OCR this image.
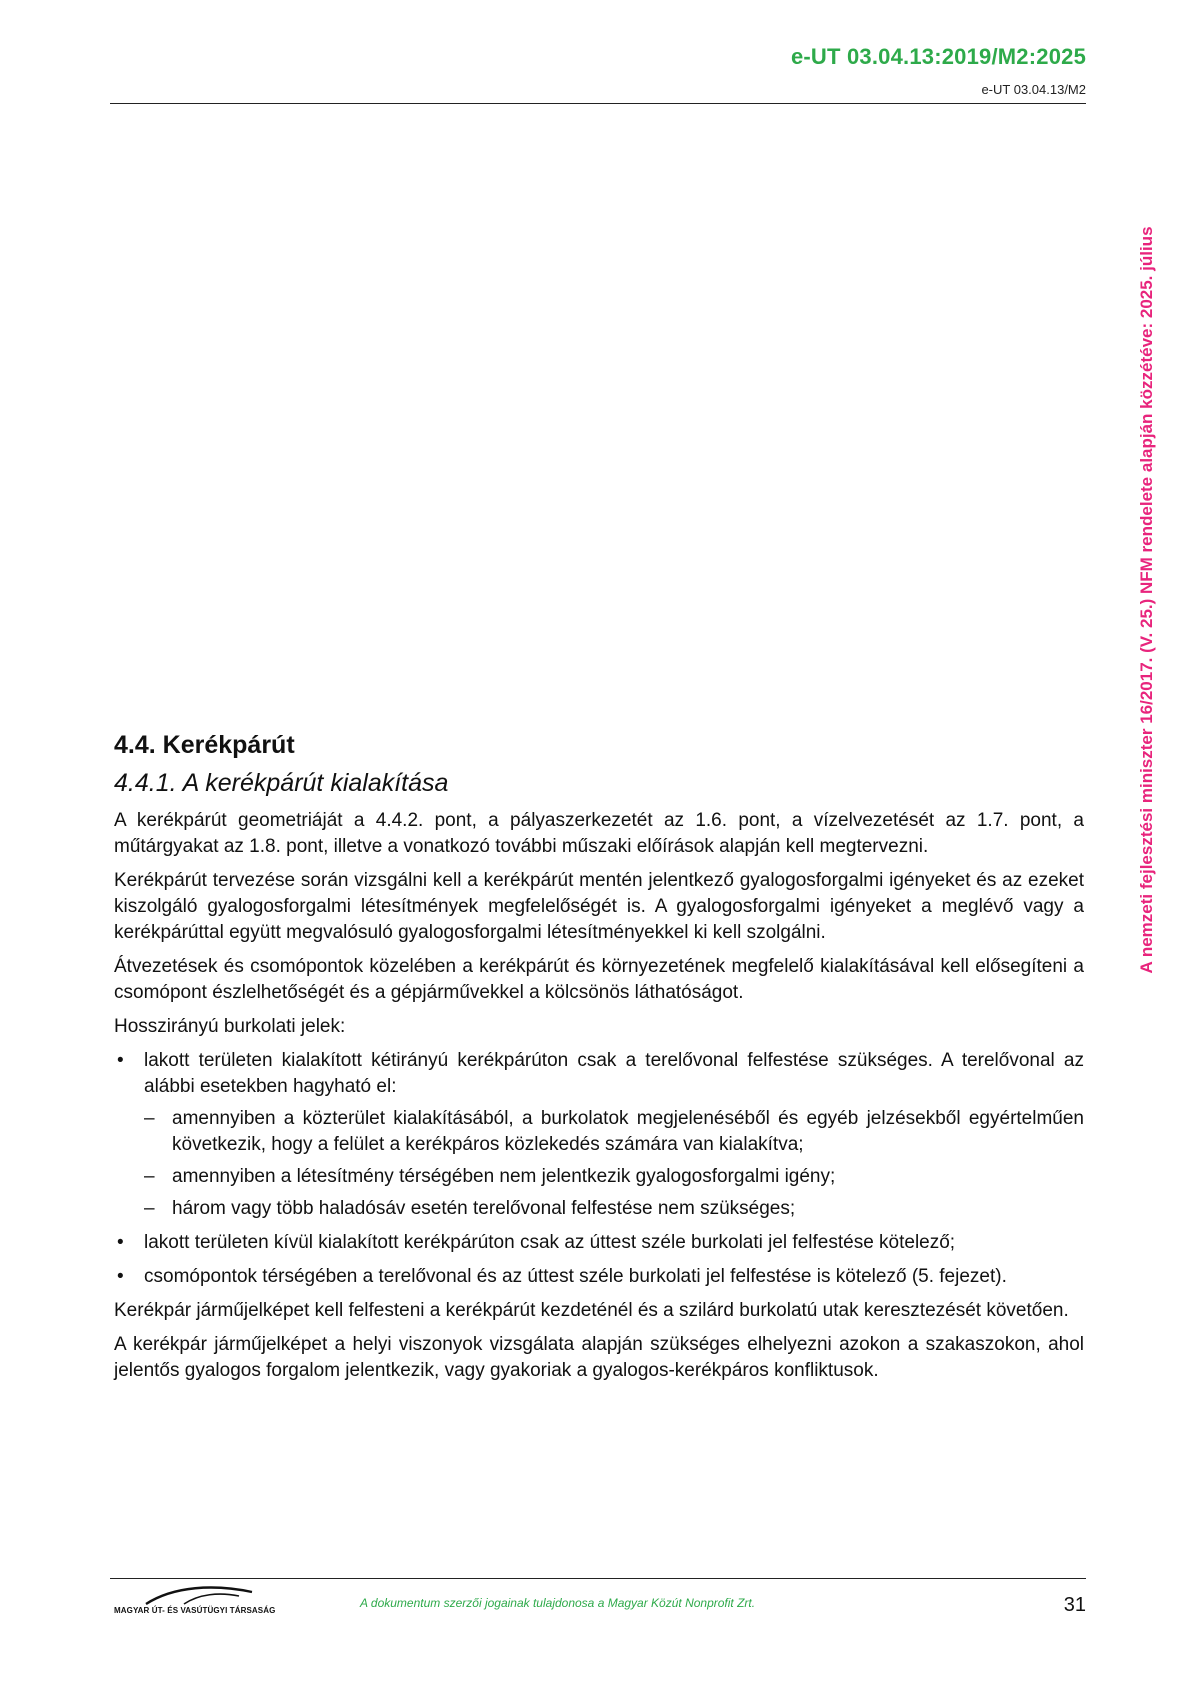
e-UT 03.04.13:2019/M2:2025
e-UT 03.04.13/M2
A nemzeti fejlesztési miniszter 16/2017. (V. 25.) NFM rendelete alapján közzétéve: 2025. július
4.4. Kerékpárút
4.4.1. A kerékpárút kialakítása

A kerékpárút geometriáját a 4.4.2. pont, a pályaszerkezetét az 1.6. pont, a vízelvezetését az 1.7. pont, a műtárgyakat az 1.8. pont, illetve a vonatkozó további műszaki előírások alapján kell megtervezni.

Kerékpárút tervezése során vizsgálni kell a kerékpárút mentén jelentkező gyalogosforgalmi igényeket és az ezeket kiszolgáló gyalogosforgalmi létesítmények megfelelőségét is. A gyalogosforgalmi igényeket a meglévő vagy a kerékpárúttal együtt megvalósuló gyalogosforgalmi létesítményekkel ki kell szolgálni.

Átvezetések és csomópontok közelében a kerékpárút és környezetének megfelelő kialakításával kell elősegíteni a csomópont észlelhetőségét és a gépjárművekkel a kölcsönös láthatóságot.

Hosszirányú burkolati jelek:

• lakott területen kialakított kétirányú kerékpárúton csak a terelővonal felfestése szükséges. A terelővonal az alábbi esetekben hagyható el:
– amennyiben a közterület kialakításából, a burkolatok megjelenéséből és egyéb jelzésekből egyértelműen következik, hogy a felület a kerékpáros közlekedés számára van kialakítva;
– amennyiben a létesítmény térségében nem jelentkezik gyalogosforgalmi igény;
– három vagy több haladósáv esetén terelővonal felfestése nem szükséges;
• lakott területen kívül kialakított kerékpárúton csak az úttest széle burkolati jel felfestése kötelező;
• csomópontok térségében a terelővonal és az úttest széle burkolati jel felfestése is kötelező (5. fejezet).

Kerékpár járműjelképet kell felfesteni a kerékpárút kezdeténél és a szilárd burkolatú utak keresztezését követően.

A kerékpár járműjelképet a helyi viszonyok vizsgálata alapján szükséges elhelyezni azokon a szakaszokon, ahol jelentős gyalogos forgalom jelentkezik, vagy gyakoriak a gyalogos-kerékpáros konfliktusok.

MAGYAR ÚT- ÉS VASÚTÜGYI TÁRSASÁG
A dokumentum szerzői jogainak tulajdonosa a Magyar Közút Nonprofit Zrt.	31
